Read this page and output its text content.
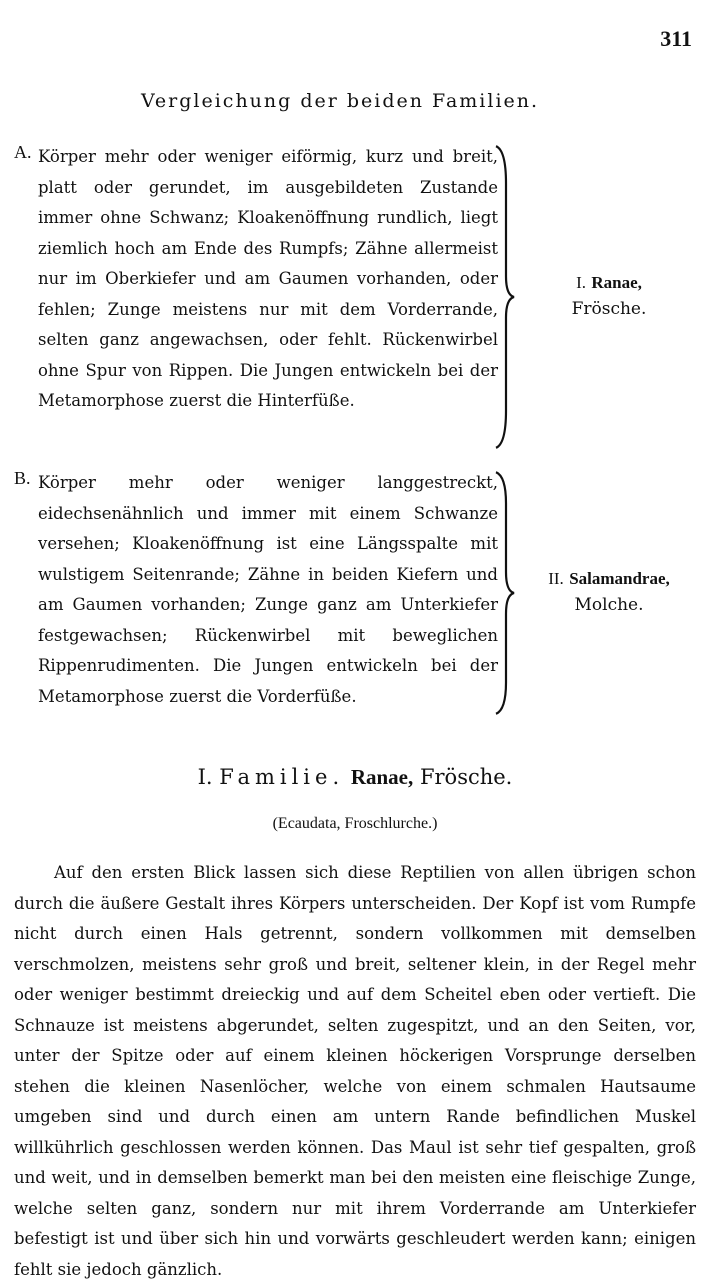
311
Vergleichung der beiden Familien.
A. Körper mehr oder weniger eiförmig, kurz und breit, platt oder gerundet, im ausgebildeten Zustande immer ohne Schwanz; Kloakenöffnung rundlich, liegt ziemlich hoch am Ende des Rumpfs; Zähne allermeist nur im Oberkiefer und am Gaumen vorhanden, oder fehlen; Zunge meistens nur mit dem Vorderrande, selten ganz angewachsen, oder fehlt. Rückenwirbel ohne Spur von Rippen. Die Jungen entwickeln bei der Metamorphose zuerst die Hinterfüße.

I. Ranae,
Frösche.
B. Körper mehr oder weniger langgestreckt, eidechsenähnlich und immer mit einem Schwanze versehen; Kloakenöffnung ist eine Längsspalte mit wulstigem Seitenrande; Zähne in beiden Kiefern und am Gaumen vorhanden; Zunge ganz am Unterkiefer festgewachsen; Rückenwirbel mit beweglichen Rippenrudimenten. Die Jungen entwickeln bei der Metamorphose zuerst die Vorderfüße.

II. Salamandrae,
Molche.
I. Familie. Ranae, Frösche.
(Ecaudata, Froschlurche.)

Auf den ersten Blick lassen sich diese Reptilien von allen übrigen schon durch die äußere Gestalt ihres Körpers unterscheiden. Der Kopf ist vom Rumpfe nicht durch einen Hals getrennt, sondern vollkommen mit demselben verschmolzen, meistens sehr groß und breit, seltener klein, in der Regel mehr oder weniger bestimmt dreieckig und auf dem Scheitel eben oder vertieft. Die Schnauze ist meistens abgerundet, selten zugespitzt, und an den Seiten, vor, unter der Spitze oder auf einem kleinen höckerigen Vorsprunge derselben stehen die kleinen Nasenlöcher, welche von einem schmalen Hautsaume umgeben sind und durch einen am untern Rande befindlichen Muskel willkührlich geschlossen werden können. Das Maul ist sehr tief gespalten, groß und weit, und in demselben bemerkt man bei den meisten eine fleischige Zunge, welche selten ganz, sondern nur mit ihrem Vorderrande am Unterkiefer befestigt ist und über sich hin und vorwärts geschleudert werden kann; einigen fehlt sie jedoch gänzlich.
